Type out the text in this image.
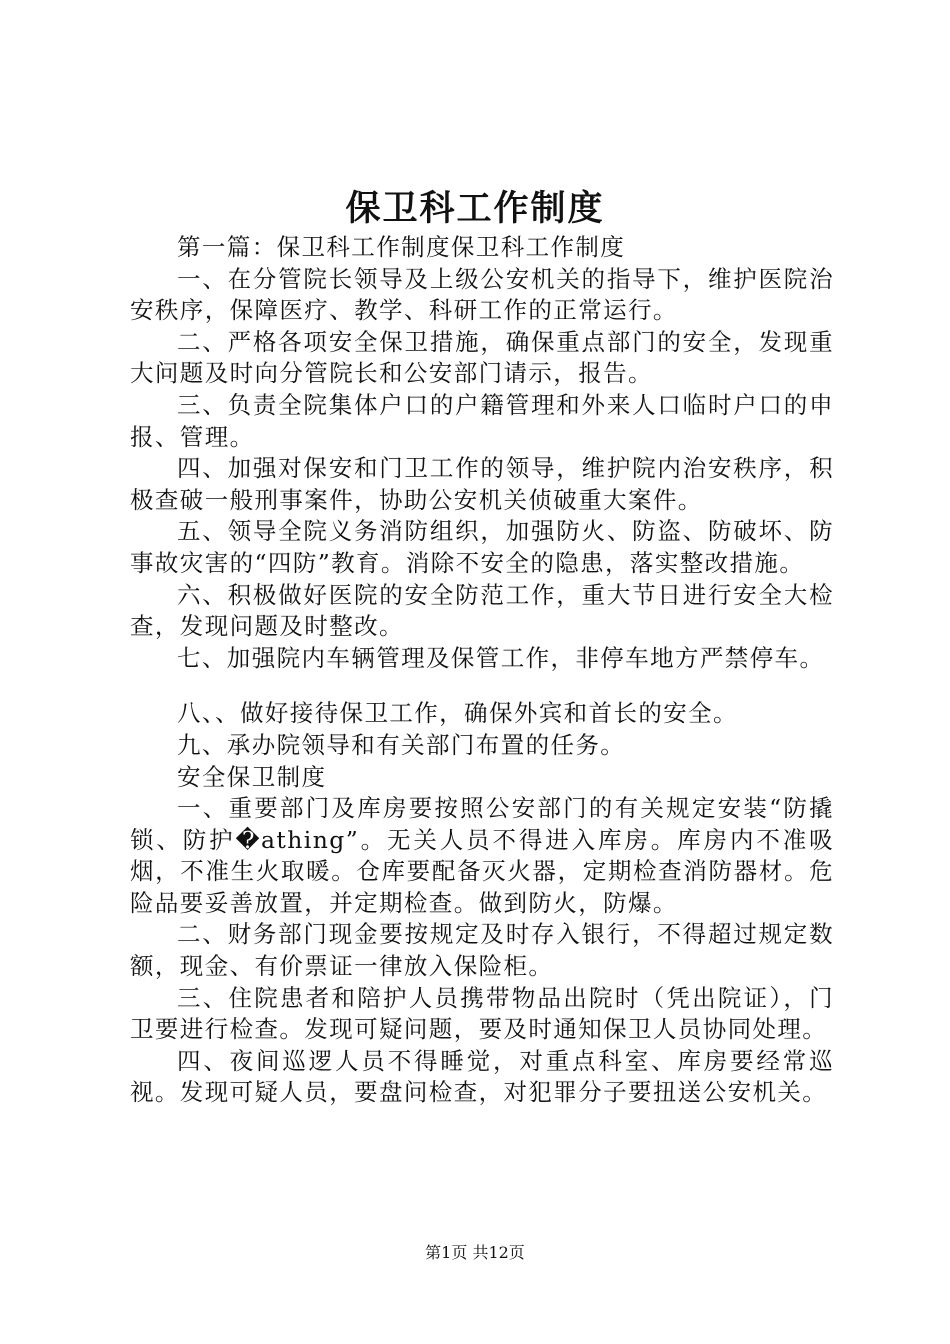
保卫科工作制度

第一篇：保卫科工作制度保卫科工作制度

一、在分管院长领导及上级公安机关的指导下，维护医院治安秩序，保障医疗、教学、科研工作的正常运行。

二、严格各项安全保卫措施，确保重点部门的安全，发现重大问题及时向分管院长和公安部门请示，报告。

三、负责全院集体户口的户籍管理和外来人口临时户口的申报、管理。

四、加强对保安和门卫工作的领导，维护院内治安秩序，积极查破一般刑事案件，协助公安机关侦破重大案件。

五、领导全院义务消防组织，加强防火、防盗、防破坏、防事故灾害的“四防”教育。消除不安全的隐患，落实整改措施。

六、积极做好医院的安全防范工作，重大节日进行安全大检查，发现问题及时整改。

七、加强院内车辆管理及保管工作，非停车地方严禁停车。

八、、做好接待保卫工作，确保外宾和首长的安全。

九、承办院领导和有关部门布置的任务。

安全保卫制度

一、重要部门及库房要按照公安部门的有关规定安装“防撬锁、防护�athing”。无关人员不得进入库房。库房内不准吸烟，不准生火取暖。仓库要配备灭火器，定期检查消防器材。危险品要妥善放置，并定期检查。做到防火，防爆。

二、财务部门现金要按规定及时存入银行，不得超过规定数额，现金、有价票证一律放入保险柜。

三、住院患者和陪护人员携带物品出院时（凭出院证），门卫要进行检查。发现可疑问题，要及时通知保卫人员协同处理。

四、夜间巡逻人员不得睡觉，对重点科室、库房要经常巡视。发现可疑人员，要盘问检查，对犯罪分子要扭送公安机关。

第1页 共12页
